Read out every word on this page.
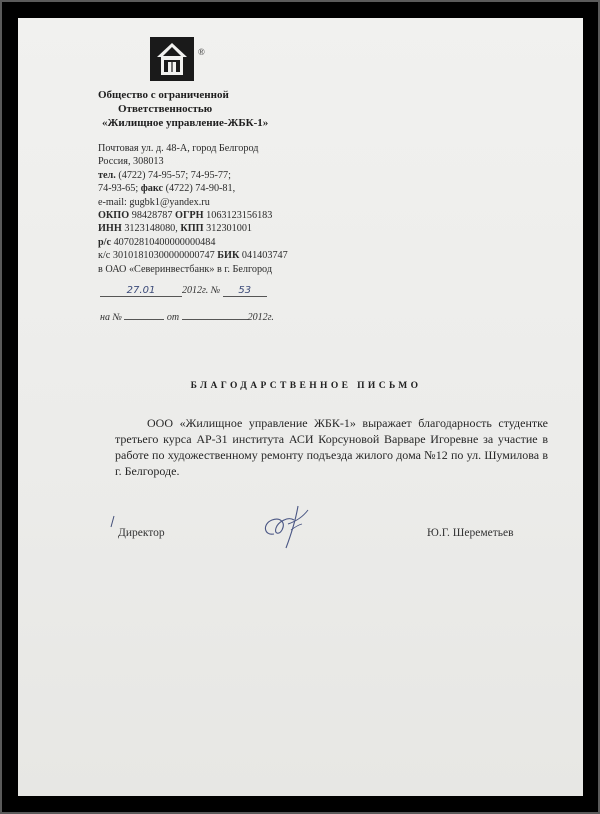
®
Общество с ограниченной
Ответственностью
«Жилищное управление-ЖБК-1»
Почтовая ул. д. 48-А, город Белгород
Россия, 308013
тел. (4722) 74-95-57; 74-95-77;
74-93-65; факс (4722) 74-90-81,
e-mail: gugbk1@yandex.ru
ОКПО 98428787 ОГРН 1063123156183
ИНН 3123148080, КПП 312301001
р/с 40702810400000000484
к/с 30101810300000000747 БИК 041403747
в ОАО «Северинвестбанк» в г. Белгород
27.01	2012г. № 53
на №	от	2012г.
БЛАГОДАРСТВЕННОЕ ПИСЬМО

ООО «Жилищное управление ЖБК-1» выражает благодарность студентке третьего курса АР-31 института АСИ Корсуновой Варваре Игоревне за участие в работе по художественному ремонту подъезда жилого дома №12 по ул. Шумилова в г. Белгороде.

Директор	Ю.Г. Шереметьев
